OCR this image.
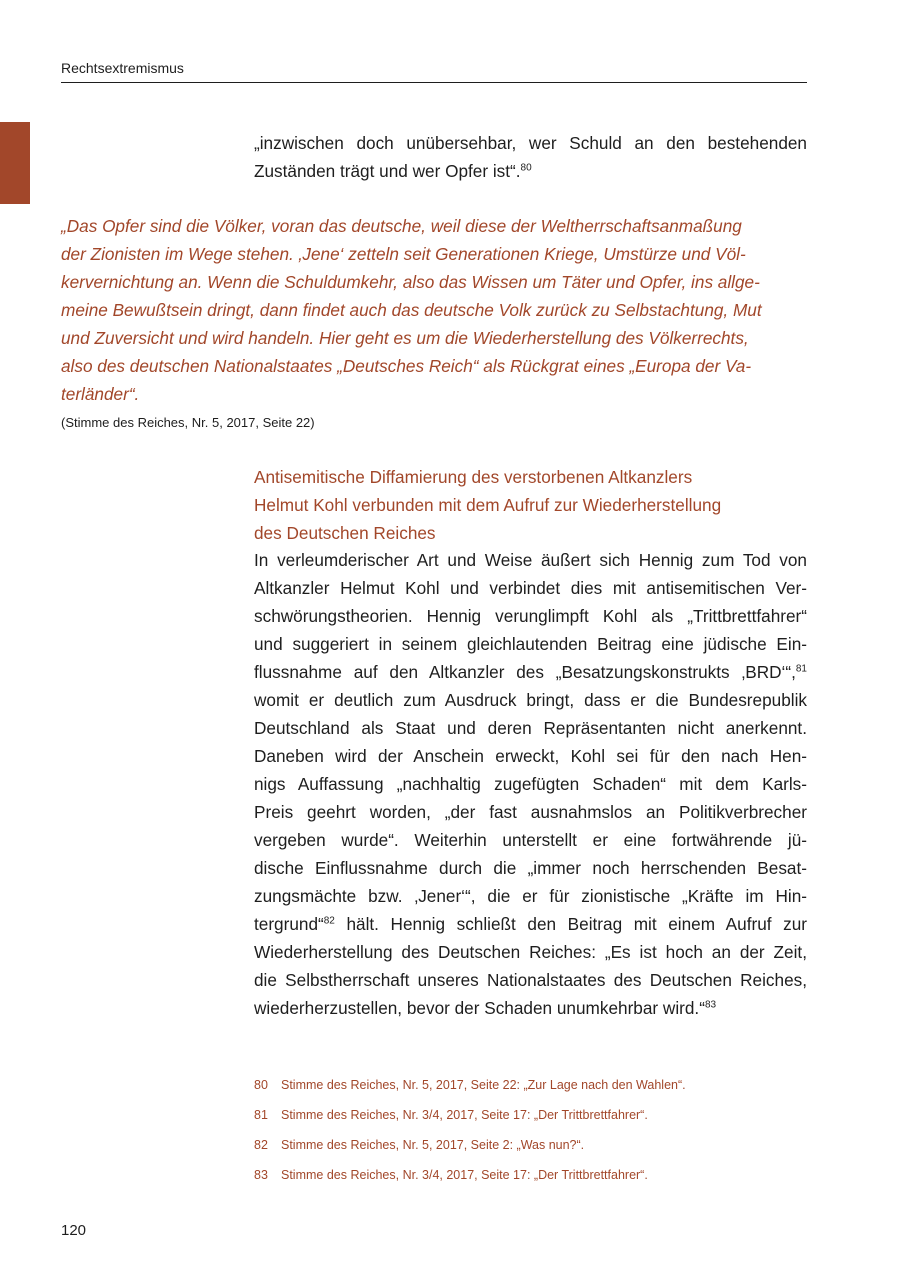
Rechtsextremismus
„inzwischen doch unübersehbar, wer Schuld an den bestehenden
Zuständen trägt und wer Opfer ist“.$^{80}$
„Das Opfer sind die Völker, voran das deutsche, weil diese der Weltherrschaftsanmaßung
der Zionisten im Wege stehen. ‚Jene‘ zetteln seit Generationen Kriege, Umstürze und Völ-
kervernichtung an. Wenn die Schuldumkehr, also das Wissen um Täter und Opfer, ins allge-
meine Bewußtsein dringt, dann findet auch das deutsche Volk zurück zu Selbstachtung, Mut
und Zuversicht und wird handeln. Hier geht es um die Wiederherstellung des Völkerrechts,
also des deutschen Nationalstaates „Deutsches Reich“ als Rückgrat eines „Europa der Va-
terländer“.
(Stimme des Reiches, Nr. 5, 2017, Seite 22)
Antisemitische Diffamierung des verstorbenen Altkanzlers
Helmut Kohl verbunden mit dem Aufruf zur Wiederherstellung
des Deutschen Reiches
In verleumderischer Art und Weise äußert sich Hennig zum Tod von
Altkanzler Helmut Kohl und verbindet dies mit antisemitischen Ver-
schwörungstheorien. Hennig verunglimpft Kohl als „Trittbrettfahrer“
und suggeriert in seinem gleichlautenden Beitrag eine jüdische Ein-
flussnahme auf den Altkanzler des „Besatzungskonstrukts ‚BRD‘“,$^{81}$
womit er deutlich zum Ausdruck bringt, dass er die Bundesrepublik
Deutschland als Staat und deren Repräsentanten nicht anerkennt.
Daneben wird der Anschein erweckt, Kohl sei für den nach Hen-
nigs Auffassung „nachhaltig zugefügten Schaden“ mit dem Karls-
Preis geehrt worden, „der fast ausnahmslos an Politikverbrecher
vergeben wurde“. Weiterhin unterstellt er eine fortwährende jü-
dische Einflussnahme durch die „immer noch herrschenden Besat-
zungsmächte bzw. ‚Jener‘“, die er für zionistische „Kräfte im Hin-
tergrund“$^{82}$ hält. Hennig schließt den Beitrag mit einem Aufruf zur
Wiederherstellung des Deutschen Reiches: „Es ist hoch an der Zeit,
die Selbstherrschaft unseres Nationalstaates des Deutschen Reiches,
wiederherzustellen, bevor der Schaden unumkehrbar wird.“$^{83}$
80 Stimme des Reiches, Nr. 5, 2017, Seite 22: „Zur Lage nach den Wahlen“.
81 Stimme des Reiches, Nr. 3/4, 2017, Seite 17: „Der Trittbrettfahrer“.
82 Stimme des Reiches, Nr. 5, 2017, Seite 2: „Was nun?“.
83 Stimme des Reiches, Nr. 3/4, 2017, Seite 17: „Der Trittbrettfahrer“.
120
